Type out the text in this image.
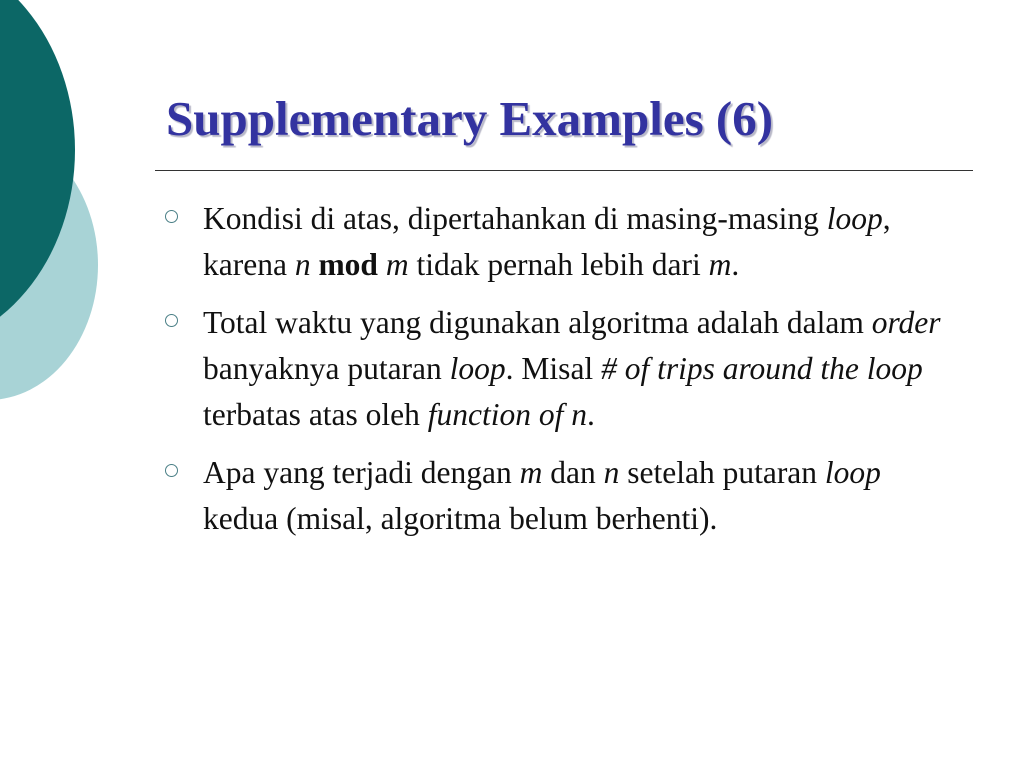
Supplementary Examples (6)
Kondisi di atas, dipertahankan di masing-masing loop, karena n mod m tidak pernah lebih dari m.
Total waktu yang digunakan algoritma adalah dalam order banyaknya putaran loop. Misal # of trips around the loop terbatas atas oleh function of n.
Apa yang terjadi dengan m dan n setelah putaran loop kedua (misal, algoritma belum berhenti).
